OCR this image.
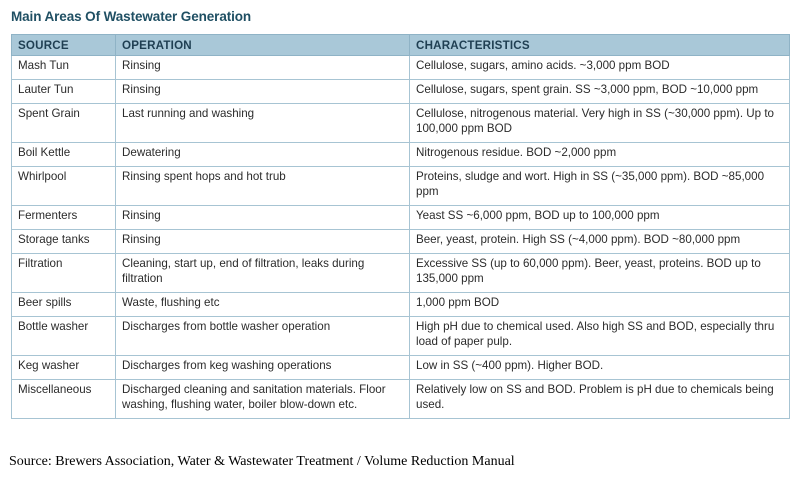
Main Areas Of Wastewater Generation
SOURCE	OPERATION	CHARACTERISTICS
Mash Tun	Rinsing	Cellulose, sugars, amino acids. ~3,000 ppm BOD
Lauter Tun	Rinsing	Cellulose, sugars, spent grain. SS ~3,000 ppm, BOD ~10,000 ppm
Spent Grain	Last running and washing	Cellulose, nitrogenous material. Very high in SS (~30,000 ppm). Up to 100,000 ppm BOD
Boil Kettle	Dewatering	Nitrogenous residue. BOD ~2,000 ppm
Whirlpool	Rinsing spent hops and hot trub	Proteins, sludge and wort. High in SS (~35,000 ppm). BOD ~85,000 ppm
Fermenters	Rinsing	Yeast SS ~6,000 ppm, BOD up to 100,000 ppm
Storage tanks	Rinsing	Beer, yeast, protein. High SS (~4,000 ppm). BOD ~80,000 ppm
Filtration	Cleaning, start up, end of filtration, leaks during filtration	Excessive SS (up to 60,000 ppm). Beer, yeast, proteins. BOD up to 135,000 ppm
Beer spills	Waste, flushing etc	1,000 ppm BOD
Bottle washer	Discharges from bottle washer operation	High pH due to chemical used. Also high SS and BOD, especially thru load of paper pulp.
Keg washer	Discharges from keg washing operations	Low in SS (~400 ppm). Higher BOD.
Miscellaneous	Discharged cleaning and sanitation materials. Floor washing, flushing water, boiler blow-down etc.	Relatively low on SS and BOD. Problem is pH due to chemicals being used.
Source: Brewers Association, Water & Wastewater Treatment / Volume Reduction Manual
